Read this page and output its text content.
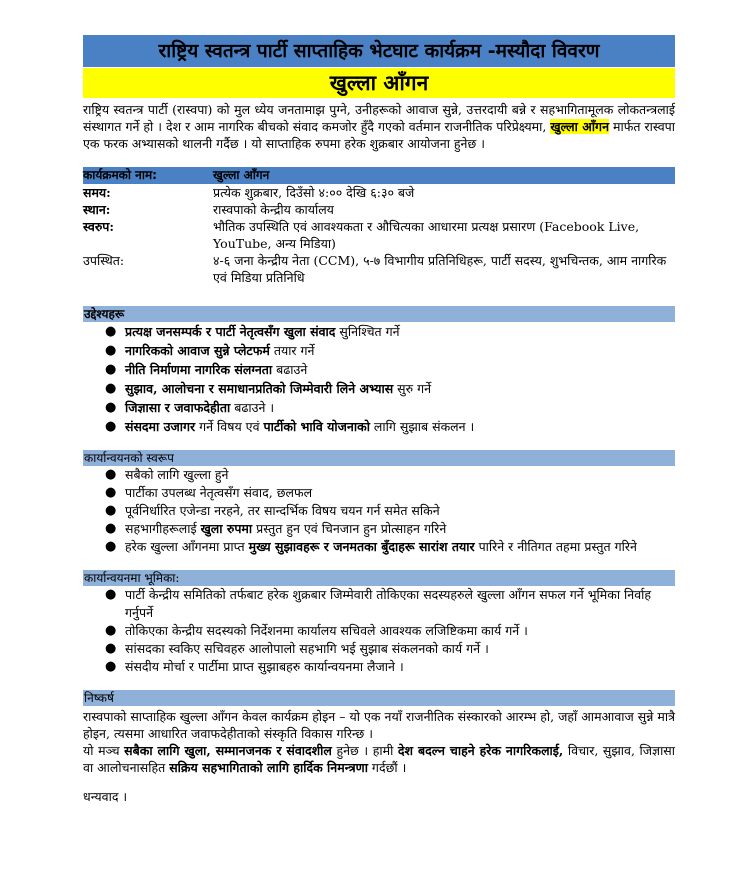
राष्ट्रिय स्वतन्त्र पार्टी साप्ताहिक भेटघाट कार्यक्रम -मस्यौदा विवरण
खुल्ला आँगन

राष्ट्रिय स्वतन्त्र पार्टी (रास्वपा) को मुल ध्येय जनतामाझ पुग्ने, उनीहरूको आवाज सुन्ने, उत्तरदायी बन्ने र सहभागितामूलक लोकतन्त्रलाई संस्थागत गर्ने हो । देश र आम नागरिक बीचको संवाद कमजोर हुँदै गएको वर्तमान राजनीतिक परिप्रेक्ष्यमा, खुल्ला आँगन मार्फत रास्वपा एक फरक अभ्यासको थालनी गर्दैछ । यो साप्ताहिक रुपमा हरेक शुक्रबार आयोजना हुनेछ ।

कार्यक्रमको नाम:	खुल्ला आँगन
समय:	प्रत्येक शुक्रबार, दिउँसो ४:०० देखि ६:३० बजे
स्थान:	रास्वपाको केन्द्रीय कार्यालय
स्वरुप:	भौतिक उपस्थिति एवं आवश्यकता र औचित्यका आधारमा प्रत्यक्ष प्रसारण (Facebook Live, YouTube, अन्य मिडिया)
उपस्थित:	४-६ जना केन्द्रीय नेता (CCM), ५-७ विभागीय प्रतिनिधिहरू, पार्टी सदस्य, शुभचिन्तक, आम नागरिक एवं मिडिया प्रतिनिधि
उद्देश्यहरू
● प्रत्यक्ष जनसम्पर्क र पार्टी नेतृत्वसँग खुला संवाद सुनिश्चित गर्ने
● नागरिकको आवाज सुन्ने प्लेटफर्म तयार गर्ने
● नीति निर्माणमा नागरिक संलग्नता बढाउने
● सुझाव, आलोचना र समाधानप्रतिको जिम्मेवारी लिने अभ्यास सुरु गर्ने
● जिज्ञासा र जवाफदेहीता बढाउने ।
● संसदमा उजागर गर्ने विषय एवं पार्टीको भावि योजनाको लागि सुझाब संकलन ।
कार्यान्वयनको स्वरूप
● सबैको लागि खुल्ला हुने
● पार्टीका उपलब्ध नेतृत्वसँग संवाद, छलफल
● पूर्वनिर्धारित एजेन्डा नरहने, तर सान्दर्भिक विषय चयन गर्न समेत सकिने
● सहभागीहरूलाई खुला रुपमा प्रस्तुत हुन एवं चिनजान हुन प्रोत्साहन गरिने
● हरेक खुल्ला आँगनमा प्राप्त मुख्य सुझावहरू र जनमतका बुँदाहरू सारांश तयार पारिने र नीतिगत तहमा प्रस्तुत गरिने
कार्यान्वयनमा भूमिका:
● पार्टी केन्द्रीय समितिको तर्फबाट हरेक शुक्रबार जिम्मेवारी तोकिएका सदस्यहरुले खुल्ला आँगन सफल गर्ने भूमिका निर्वाह गर्नुपर्ने
● तोकिएका केन्द्रीय सदस्यको निर्देशनमा कार्यालय सचिवले आवश्यक लजिष्टिकमा कार्य गर्ने ।
● सांसदका स्वकिए सचिवहरु आलोपालो सहभागि भई सुझाब संकलनको कार्य गर्ने ।
● संसदीय मोर्चा र पार्टीमा प्राप्त सुझाबहरु कार्यान्वयनमा लैजाने ।
निष्कर्ष

रास्वपाको साप्ताहिक खुल्ला आँगन केवल कार्यक्रम होइन – यो एक नयाँ राजनीतिक संस्कारको आरम्भ हो, जहाँ आमआवाज सुन्ने मात्रै होइन, त्यसमा आधारित जवाफदेहीताको संस्कृति विकास गरिन्छ ।

यो मञ्च सबैका लागि खुला, सम्मानजनक र संवादशील हुनेछ । हामी देश बदल्न चाहने हरेक नागरिकलाई, विचार, सुझाव, जिज्ञासा वा आलोचनासहित सक्रिय सहभागिताको लागि हार्दिक निमन्त्रणा गर्दछौं ।

धन्यवाद ।
